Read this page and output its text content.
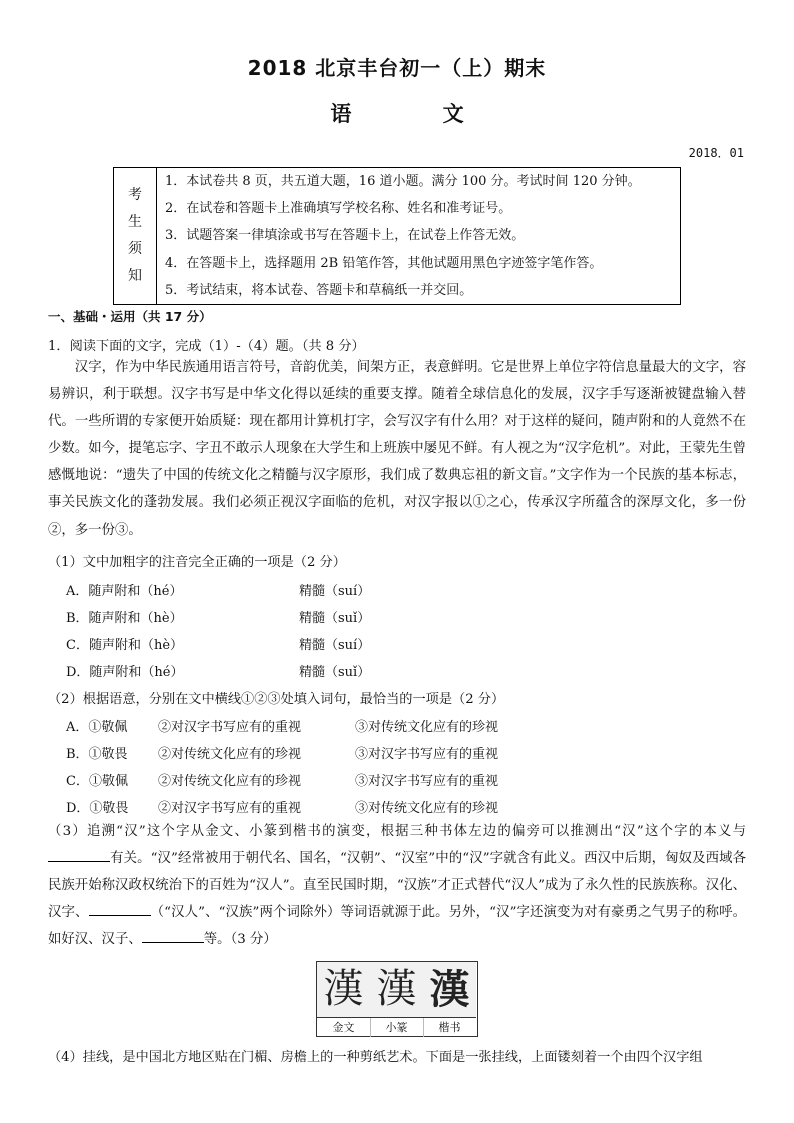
2018 北京丰台初一（上）期末
语 文
2018．01
考
生
须
知

1．本试卷共 8 页，共五道大题，16 道小题。满分 100 分。考试时间 120 分钟。
2．在试卷和答题卡上准确填写学校名称、姓名和准考证号。
3．试题答案一律填涂或书写在答题卡上，在试卷上作答无效。
4．在答题卡上，选择题用 2B 铅笔作答，其他试题用黑色字迹签字笔作答。
5．考试结束，将本试卷、答题卡和草稿纸一并交回。
一、基础・运用（共 17 分）
1．阅读下面的文字，完成（1）-（4）题。（共 8 分）
汉字，作为中华民族通用语言符号，音韵优美，间架方正，表意鲜明。它是世界上单位字符信息量最大的文字，容易辨识，利于联想。汉字书写是中华文化得以延续的重要支撑。随着全球信息化的发展，汉字手写逐渐被键盘输入替代。一些所谓的专家便开始质疑：现在都用计算机打字，会写汉字有什么用？对于这样的疑问，随声附和的人竟然不在少数。如今，提笔忘字、字丑不敢示人现象在大学生和上班族中屡见不鲜。有人视之为“汉字危机”。对此，王蒙先生曾感慨地说：“遗失了中国的传统文化之精髓与汉字原形，我们成了数典忘祖的新文盲。”文字作为一个民族的基本标志，事关民族文化的蓬勃发展。我们必须正视汉字面临的危机，对汉字报以①之心，传承汉字所蕴含的深厚文化，多一份②，多一份③。
（1）文中加粗字的注音完全正确的一项是（2 分）
A．随声附和（hé）	精髓（suí）
B．随声附和（hè）	精髓（suǐ）
C．随声附和（hè）	精髓（suí）
D．随声附和（hé）	精髓（suǐ）
（2）根据语意，分别在文中横线①②③处填入词句，最恰当的一项是（2 分）
A．①敬佩 ②对汉字书写应有的重视	③对传统文化应有的珍视
B．①敬畏 ②对传统文化应有的珍视	③对汉字书写应有的重视
C．①敬佩 ②对传统文化应有的珍视	③对汉字书写应有的重视
D．①敬畏 ②对汉字书写应有的重视	③对传统文化应有的珍视
（3）追溯“汉”这个字从金文、小篆到楷书的演变，根据三种书体左边的偏旁可以推测出“汉”这个字的本义与有关。“汉”经常被用于朝代名、国名，“汉朝”、“汉室”中的“汉”字就含有此义。西汉中后期，匈奴及西域各民族开始称汉政权统治下的百姓为“汉人”。直至民国时期，“汉族”才正式替代“汉人”成为了永久性的民族族称。汉化、汉字、	（“汉人”、“汉族”两个词除外）等词语就源于此。另外，“汉”字还演变为对有豪勇之气男子的称呼。如好汉、汉子、	等。（3 分）
漢 漢 漢
金文	小篆	楷书
（4）挂线，是中国北方地区贴在门楣、房檐上的一种剪纸艺术。下面是一张挂线，上面镂刻着一个由四个汉字组
